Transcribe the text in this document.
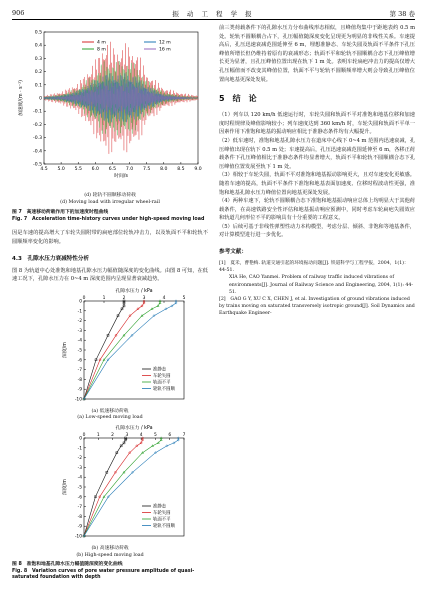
906	振 动 工 程 学 报	第 38 卷
4.5 5.0 5.5 6.0 6.5 7.0 7.5 8.0 8.5 9.0
-0.5
-0.4
-0.3
-0.2
-0.1
0
0.1
0.2
0.3
0.4
0.5
加速度/(m · s⁻²)
时间/s
4 m
8 m
12 m
16 m
(d) 轮轨不圆顺移动荷载
(d) Moving load with irregular wheel-rail
图 7　高速移动荷载作用下的加速度时程曲线
Fig. 7　Acceleration time-history curves under high-speed moving load

因是车速的提高增大了车轮失圆附带的扁疤部位轮轨冲击力，以及轨面不平和轮轨不圆顺频率变化的影响。

4.3　孔隙水压力衰减特性分析

图 8 为轨道中心处准饱和地基孔隙水压力幅值随深度的变化曲线。由图 8 可知，在低速工况下，孔隙水压力在 0~4 m 深度范围内呈现显著衰减趋势。

孔隙水压力 / kPa
0	1	2	3	4	5
0
-1
-2
-3
-4
-5
-6
-7
-8
-9
-10
深度/m
准静态
车轮失圆
轨面不平
轮轨不圆顺
(a) 低速移动荷载
(a) Low-speed moving load
孔隙水压力 / kPa
0	1	2	3	4	5	6	7
0
-1
-2
-3
-4
-5
-6
-7
-8
-9
-10
深度/m
准静态
车轮失圆
轨面不平
轮轨不圆顺
(b) 高速移动荷载
(b) High-speed moving load
图 8　准饱和地基孔隙水压力幅值随深度的变化曲线
Fig. 8　Variation curves of pore water pressure amplitude of quasi-saturated foundation with depth

前三类荷载条件下的孔隙水压力分布曲线形态相似，且峰值均集中于距地表约 0.5 m 处。轮轨不圆顺耦合占下，孔压幅值随深度变化呈现更为明显的非线性关系。车速提高后，孔压迅速衰减范围延伸至 6 m，埋想准静态、车轮失圆及轨面不平条件下孔压峰值所增长但仍维持着原有的衰减形态；轨面不平和轮轨不圆顺耦合态下孔压峰值增长更为显著，且孔压峰值位置出现在轨下 1 m 处。表明车轮扁疤冲击力的提高仅增大孔压幅值而不改变其峰值位置，轨面不平与轮轨不圆顺频率增大则会导致孔压峰值位置向地基更深处发展。

5　结　论

（1）列车以 120 km/h 低速运行时，车轮失圆和轨面不平对准饱和地基位移和加速度时程规律及峰值影响较小；列车速度达到 360 km/h 时，车轮失圆和轨面不平单一因素作用下准饱和地基的振动响应相比于准静态条件均有大幅提升。

（2）低车速时，准饱和地基孔隙水压力在道床中心线下 0~4 m 范围内迅速衰减，孔压峰值出现在轨下 0.5 m 处；车速提高后，孔压迅速衰减范围延伸至 6 m，各移正荷载条件下孔压峰值相比于准静态条件均显著增大，轨面不平和轮轨不圆顺耦合态下孔压峰值位置发展至轨下 1 m 处。

（3）相较于车轮失圆，轨面不平对准饱和地基振动影响更大，且对车速变化更敏感。随着车速的提高，轨面不平条件下准饱和地基表面加速度、位移时程波动性更强，准饱和地基孔隙水压力峰值位置向地基更深处发展。

（4）两种车速下，轮轨不圆顺耦合态下准饱和地基振动响应总体上均明显大于其他荷载条件，在高速铁路安全性评估和地基振动响应预测中，同时考虑车轮扁疤失圆效应和轨道几何形位不平的影响具有十分重要的工程意义。

（5）后续可基于非线性弹塑性动力本构模型，考虑分层、倾斜、非饱和等地基条件，对计算模型进行进一步优化。

参考文献：

[1]　夏禾，曹艳梅. 轨道交通引起的环境振动问题[J]. 铁道科学与工程学报，2004，1(1)：44-51.

XIA He, CAO Yanmei. Problem of railway traffic induced vibrations of environments[J]. Journal of Railway Science and Engineering, 2004, 1(1): 44-51.

[2]　GAO G Y, XU C X, CHEN J, et al. Investigation of ground vibrations induced by trains moving on saturated transversely isotropic ground[J]. Soil Dynamics and Earthquake Engineer-
